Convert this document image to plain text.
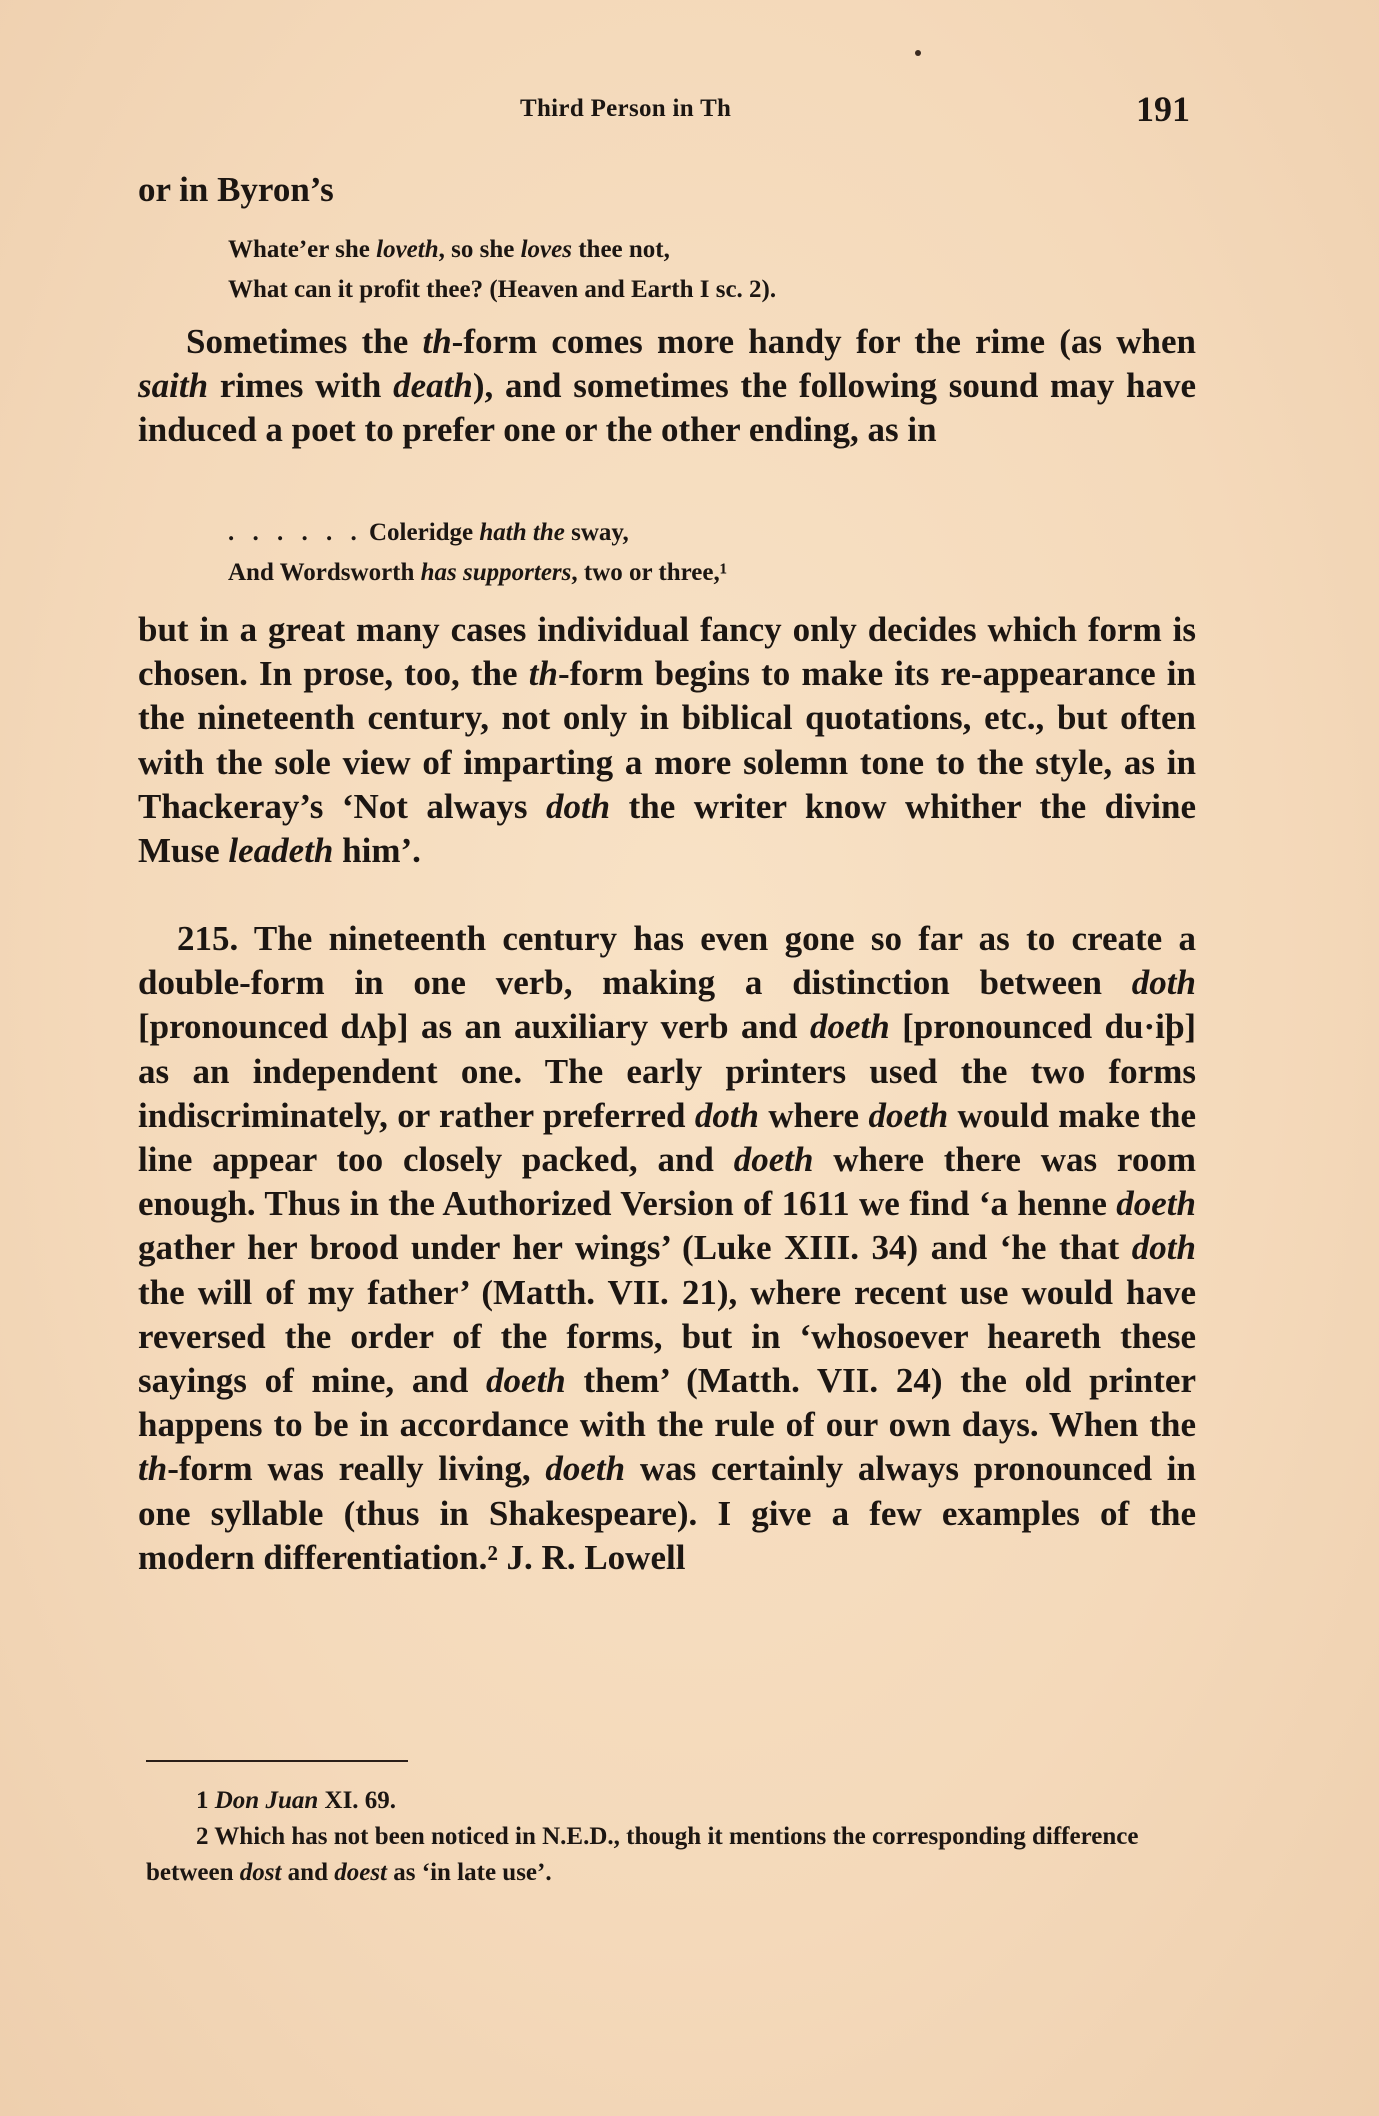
Third Person in Th	191
or in Byron’s
Whate’er she loveth, so she loves thee not,
What can it profit thee? (Heaven and Earth I sc. 2).

Sometimes the th-form comes more handy for the rime (as when saith rimes with death), and sometimes the following sound may have induced a poet to prefer one or the other ending, as in

. . . . . . Coleridge hath the sway,
And Wordsworth has supporters, two or three,¹

but in a great many cases individual fancy only decides which form is chosen. In prose, too, the th-form begins to make its re-appearance in the nineteenth century, not only in biblical quotations, etc., but often with the sole view of imparting a more solemn tone to the style, as in Thackeray’s ‘Not always doth the writer know whither the divine Muse leadeth him’.

215. The nineteenth century has even gone so far as to create a double-form in one verb, making a distinction between doth [pronounced dʌþ] as an auxiliary verb and doeth [pronounced du·iþ] as an independent one. The early printers used the two forms indiscriminately, or rather preferred doth where doeth would make the line appear too closely packed, and doeth where there was room enough. Thus in the Authorized Version of 1611 we find ‘a henne doeth gather her brood under her wings’ (Luke XIII. 34) and ‘he that doth the will of my father’ (Matth. VII. 21), where recent use would have reversed the order of the forms, but in ‘whosoever heareth these sayings of mine, and doeth them’ (Matth. VII. 24) the old printer happens to be in accordance with the rule of our own days. When the th-form was really living, doeth was certainly always pronounced in one syllable (thus in Shakespeare). I give a few examples of the modern differentiation.² J. R. Lowell

1 Don Juan XI. 69.

2 Which has not been noticed in N.E.D., though it mentions the corresponding difference between dost and doest as ‘in late use’.
